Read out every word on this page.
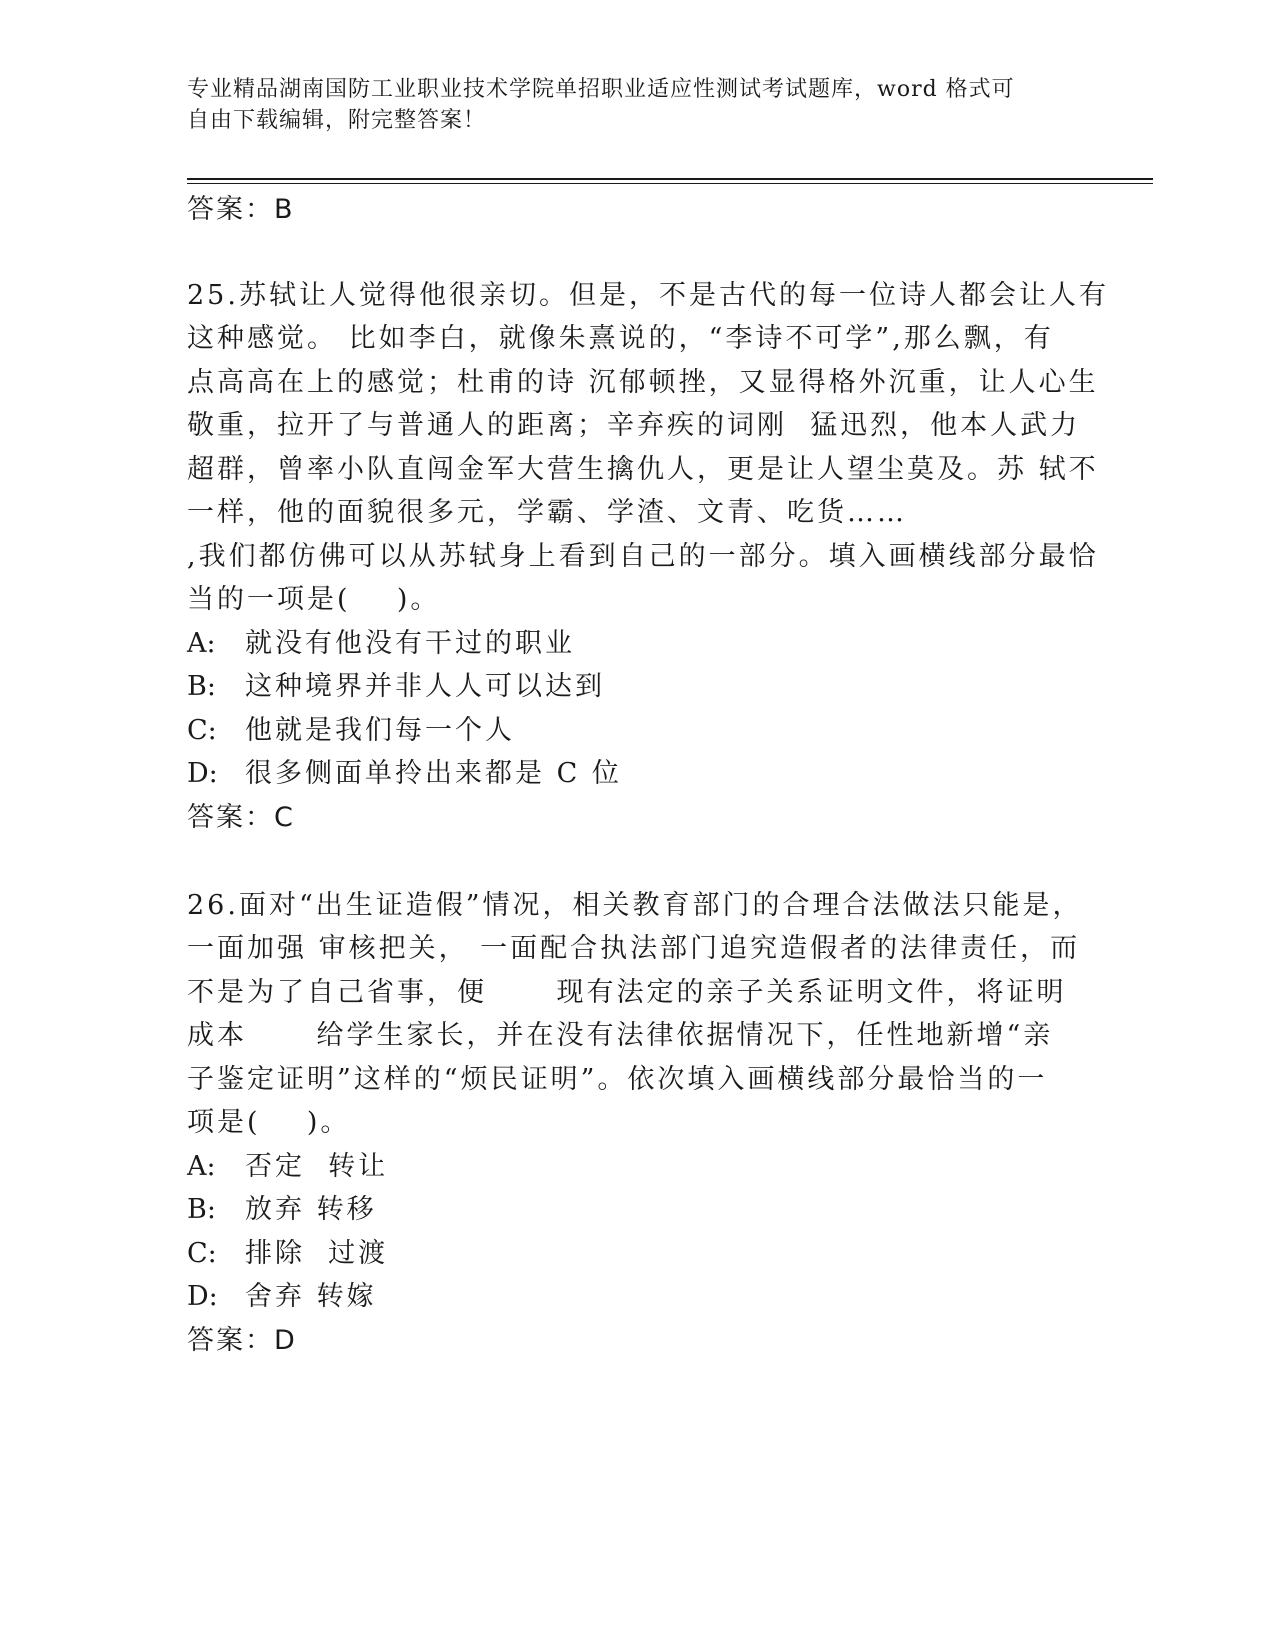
专业精品湖南国防工业职业技术学院单招职业适应性测试考试题库，word 格式可
自由下载编辑，附完整答案！
答案：B
25.苏轼让人觉得他很亲切。但是，不是古代的每一位诗人都会让人有
这种感觉。 比如李白，就像朱熹说的，“李诗不可学”,那么飘，有
点高高在上的感觉；杜甫的诗 沉郁顿挫，又显得格外沉重，让人心生
敬重，拉开了与普通人的距离；辛弃疾的词刚  猛迅烈，他本人武力
超群，曾率小队直闯金军大营生擒仇人，更是让人望尘莫及。苏 轼不
一样，他的面貌很多元，学霸、学渣、文青、吃货……
,我们都仿佛可以从苏轼身上看到自己的一部分。填入画横线部分最恰
当的一项是(    )。
A: 就没有他没有干过的职业
B: 这种境界并非人人可以达到
C: 他就是我们每一个人
D: 很多侧面单拎出来都是 C 位
答案：C
26.面对“出生证造假”情况，相关教育部门的合理合法做法只能是，
一面加强 审核把关， 一面配合执法部门追究造假者的法律责任，而
不是为了自己省事，便      现有法定的亲子关系证明文件，将证明
成本      给学生家长，并在没有法律依据情况下，任性地新增“亲
子鉴定证明”这样的“烦民证明”。依次填入画横线部分最恰当的一
项是(    )。
A: 否定  转让
B: 放弃 转移
C: 排除  过渡
D: 舍弃 转嫁
答案：D
